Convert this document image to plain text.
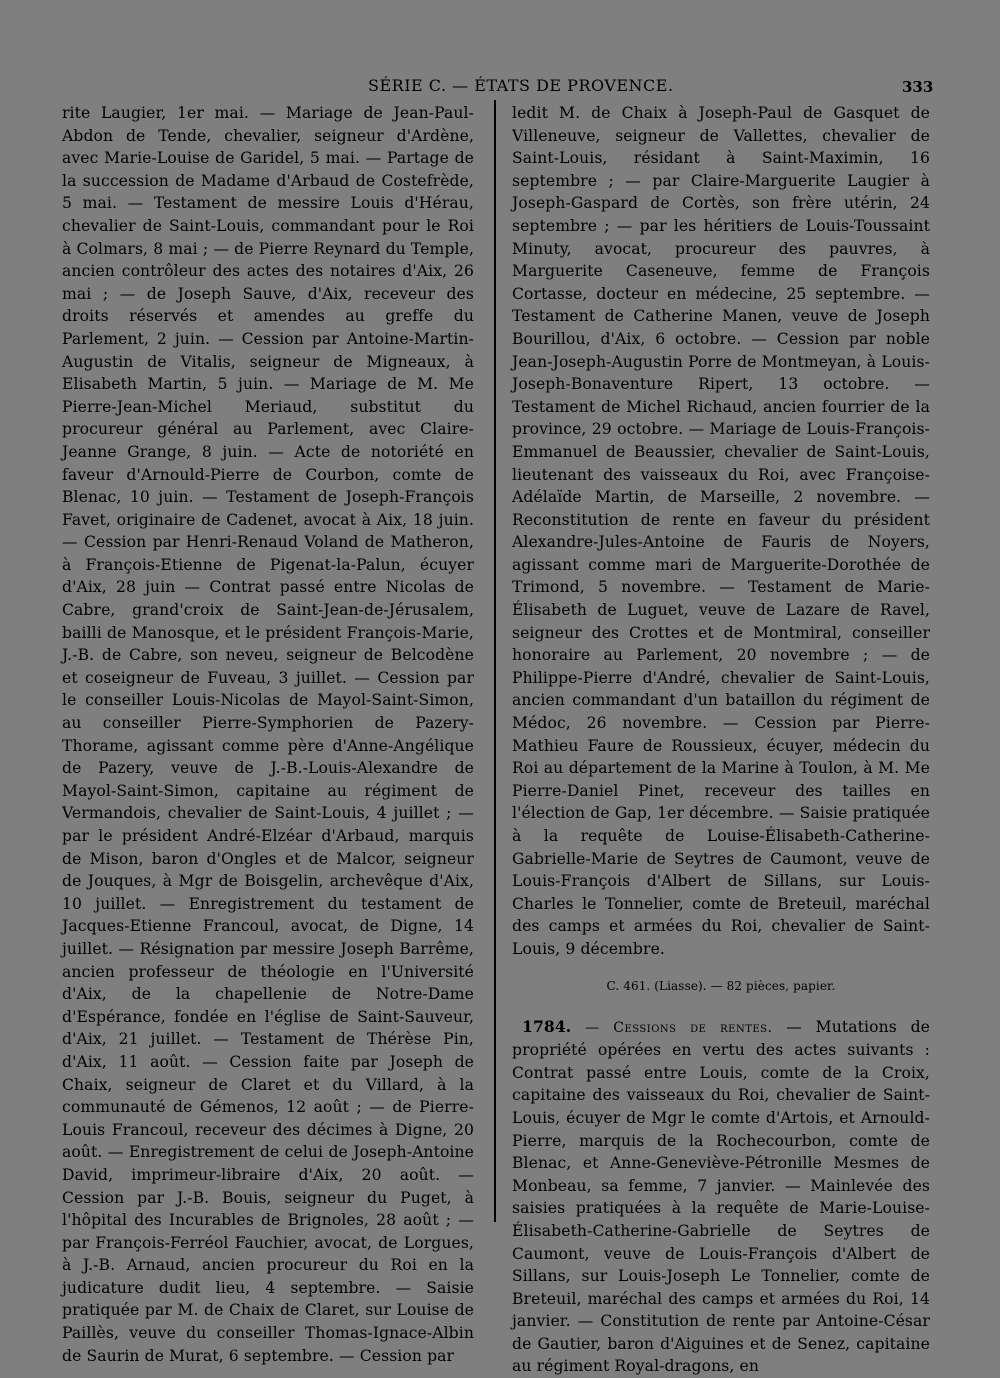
SÉRIE C. — ÉTATS DE PROVENCE.	333

rite Laugier, 1er mai. — Mariage de Jean-Paul-Abdon de Tende, chevalier, seigneur d'Ardène, avec Marie-Louise de Garidel, 5 mai. — Partage de la succession de Madame d'Arbaud de Costefrède, 5 mai. — Testament de messire Louis d'Hérau, chevalier de Saint-Louis, commandant pour le Roi à Colmars, 8 mai ; — de Pierre Reynard du Temple, ancien contrôleur des actes des notaires d'Aix, 26 mai ; — de Joseph Sauve, d'Aix, receveur des droits réservés et amendes au greffe du Parlement, 2 juin. — Cession par Antoine-Martin-Augustin de Vitalis, seigneur de Migneaux, à Elisabeth Martin, 5 juin. — Mariage de M. Me Pierre-Jean-Michel Meriaud, substitut du procureur général au Parlement, avec Claire-Jeanne Grange, 8 juin. — Acte de notoriété en faveur d'Arnould-Pierre de Courbon, comte de Blenac, 10 juin. — Testament de Joseph-François Favet, originaire de Cadenet, avocat à Aix, 18 juin. — Cession par Henri-Renaud Voland de Matheron, à François-Etienne de Pigenat-la-Palun, écuyer d'Aix, 28 juin — Contrat passé entre Nicolas de Cabre, grand'croix de Saint-Jean-de-Jérusalem, bailli de Manosque, et le président François-Marie, J.-B. de Cabre, son neveu, seigneur de Belcodène et coseigneur de Fuveau, 3 juillet. — Cession par le conseiller Louis-Nicolas de Mayol-Saint-Simon, au conseiller Pierre-Symphorien de Pazery-Thorame, agissant comme père d'Anne-Angélique de Pazery, veuve de J.-B.-Louis-Alexandre de Mayol-Saint-Simon, capitaine au régiment de Vermandois, chevalier de Saint-Louis, 4 juillet ; — par le président André-Elzéar d'Arbaud, marquis de Mison, baron d'Ongles et de Malcor, seigneur de Jouques, à Mgr de Boisgelin, archevêque d'Aix, 10 juillet. — Enregistrement du testament de Jacques-Etienne Francoul, avocat, de Digne, 14 juillet. — Résignation par messire Joseph Barrême, ancien professeur de théologie en l'Université d'Aix, de la chapellenie de Notre-Dame d'Espérance, fondée en l'église de Saint-Sauveur, d'Aix, 21 juillet. — Testament de Thérèse Pin, d'Aix, 11 août. — Cession faite par Joseph de Chaix, seigneur de Claret et du Villard, à la communauté de Gémenos, 12 août ; — de Pierre-Louis Francoul, receveur des décimes à Digne, 20 août. — Enregistrement de celui de Joseph-Antoine David, imprimeur-libraire d'Aix, 20 août. — Cession par J.-B. Bouis, seigneur du Puget, à l'hôpital des Incurables de Brignoles, 28 août ; — par François-Ferréol Fauchier, avocat, de Lorgues, à J.-B. Arnaud, ancien procureur du Roi en la judicature dudit lieu, 4 septembre. — Saisie pratiquée par M. de Chaix de Claret, sur Louise de Paillès, veuve du conseiller Thomas-Ignace-Albin de Saurin de Murat, 6 septembre. — Cession par

ledit M. de Chaix à Joseph-Paul de Gasquet de Villeneuve, seigneur de Vallettes, chevalier de Saint-Louis, résidant à Saint-Maximin, 16 septembre ; — par Claire-Marguerite Laugier à Joseph-Gaspard de Cortès, son frère utérin, 24 septembre ; — par les héritiers de Louis-Toussaint Minuty, avocat, procureur des pauvres, à Marguerite Caseneuve, femme de François Cortasse, docteur en médecine, 25 septembre. — Testament de Catherine Manen, veuve de Joseph Bourillou, d'Aix, 6 octobre. — Cession par noble Jean-Joseph-Augustin Porre de Montmeyan, à Louis-Joseph-Bonaventure Ripert, 13 octobre. — Testament de Michel Richaud, ancien fourrier de la province, 29 octobre. — Mariage de Louis-François-Emmanuel de Beaussier, chevalier de Saint-Louis, lieutenant des vaisseaux du Roi, avec Françoise-Adélaïde Martin, de Marseille, 2 novembre. — Reconstitution de rente en faveur du président Alexandre-Jules-Antoine de Fauris de Noyers, agissant comme mari de Marguerite-Dorothée de Trimond, 5 novembre. — Testament de Marie-Élisabeth de Luguet, veuve de Lazare de Ravel, seigneur des Crottes et de Montmiral, conseiller honoraire au Parlement, 20 novembre ; — de Philippe-Pierre d'André, chevalier de Saint-Louis, ancien commandant d'un bataillon du régiment de Médoc, 26 novembre. — Cession par Pierre-Mathieu Faure de Roussieux, écuyer, médecin du Roi au département de la Marine à Toulon, à M. Me Pierre-Daniel Pinet, receveur des tailles en l'élection de Gap, 1er décembre. — Saisie pratiquée à la requête de Louise-Élisabeth-Catherine-Gabrielle-Marie de Seytres de Caumont, veuve de Louis-François d'Albert de Sillans, sur Louis-Charles le Tonnelier, comte de Breteuil, maréchal des camps et armées du Roi, chevalier de Saint-Louis, 9 décembre.

C. 461. (Liasse). — 82 pièces, papier.

1784. — Cessions de rentes. — Mutations de propriété opérées en vertu des actes suivants : Contrat passé entre Louis, comte de la Croix, capitaine des vaisseaux du Roi, chevalier de Saint-Louis, écuyer de Mgr le comte d'Artois, et Arnould-Pierre, marquis de la Rochecourbon, comte de Blenac, et Anne-Geneviève-Pétronille Mesmes de Monbeau, sa femme, 7 janvier. — Mainlevée des saisies pratiquées à la requête de Marie-Louise-Élisabeth-Catherine-Gabrielle de Seytres de Caumont, veuve de Louis-François d'Albert de Sillans, sur Louis-Joseph Le Tonnelier, comte de Breteuil, maréchal des camps et armées du Roi, 14 janvier. — Constitution de rente par Antoine-César de Gautier, baron d'Aiguines et de Senez, capitaine au régiment Royal-dragons, en
